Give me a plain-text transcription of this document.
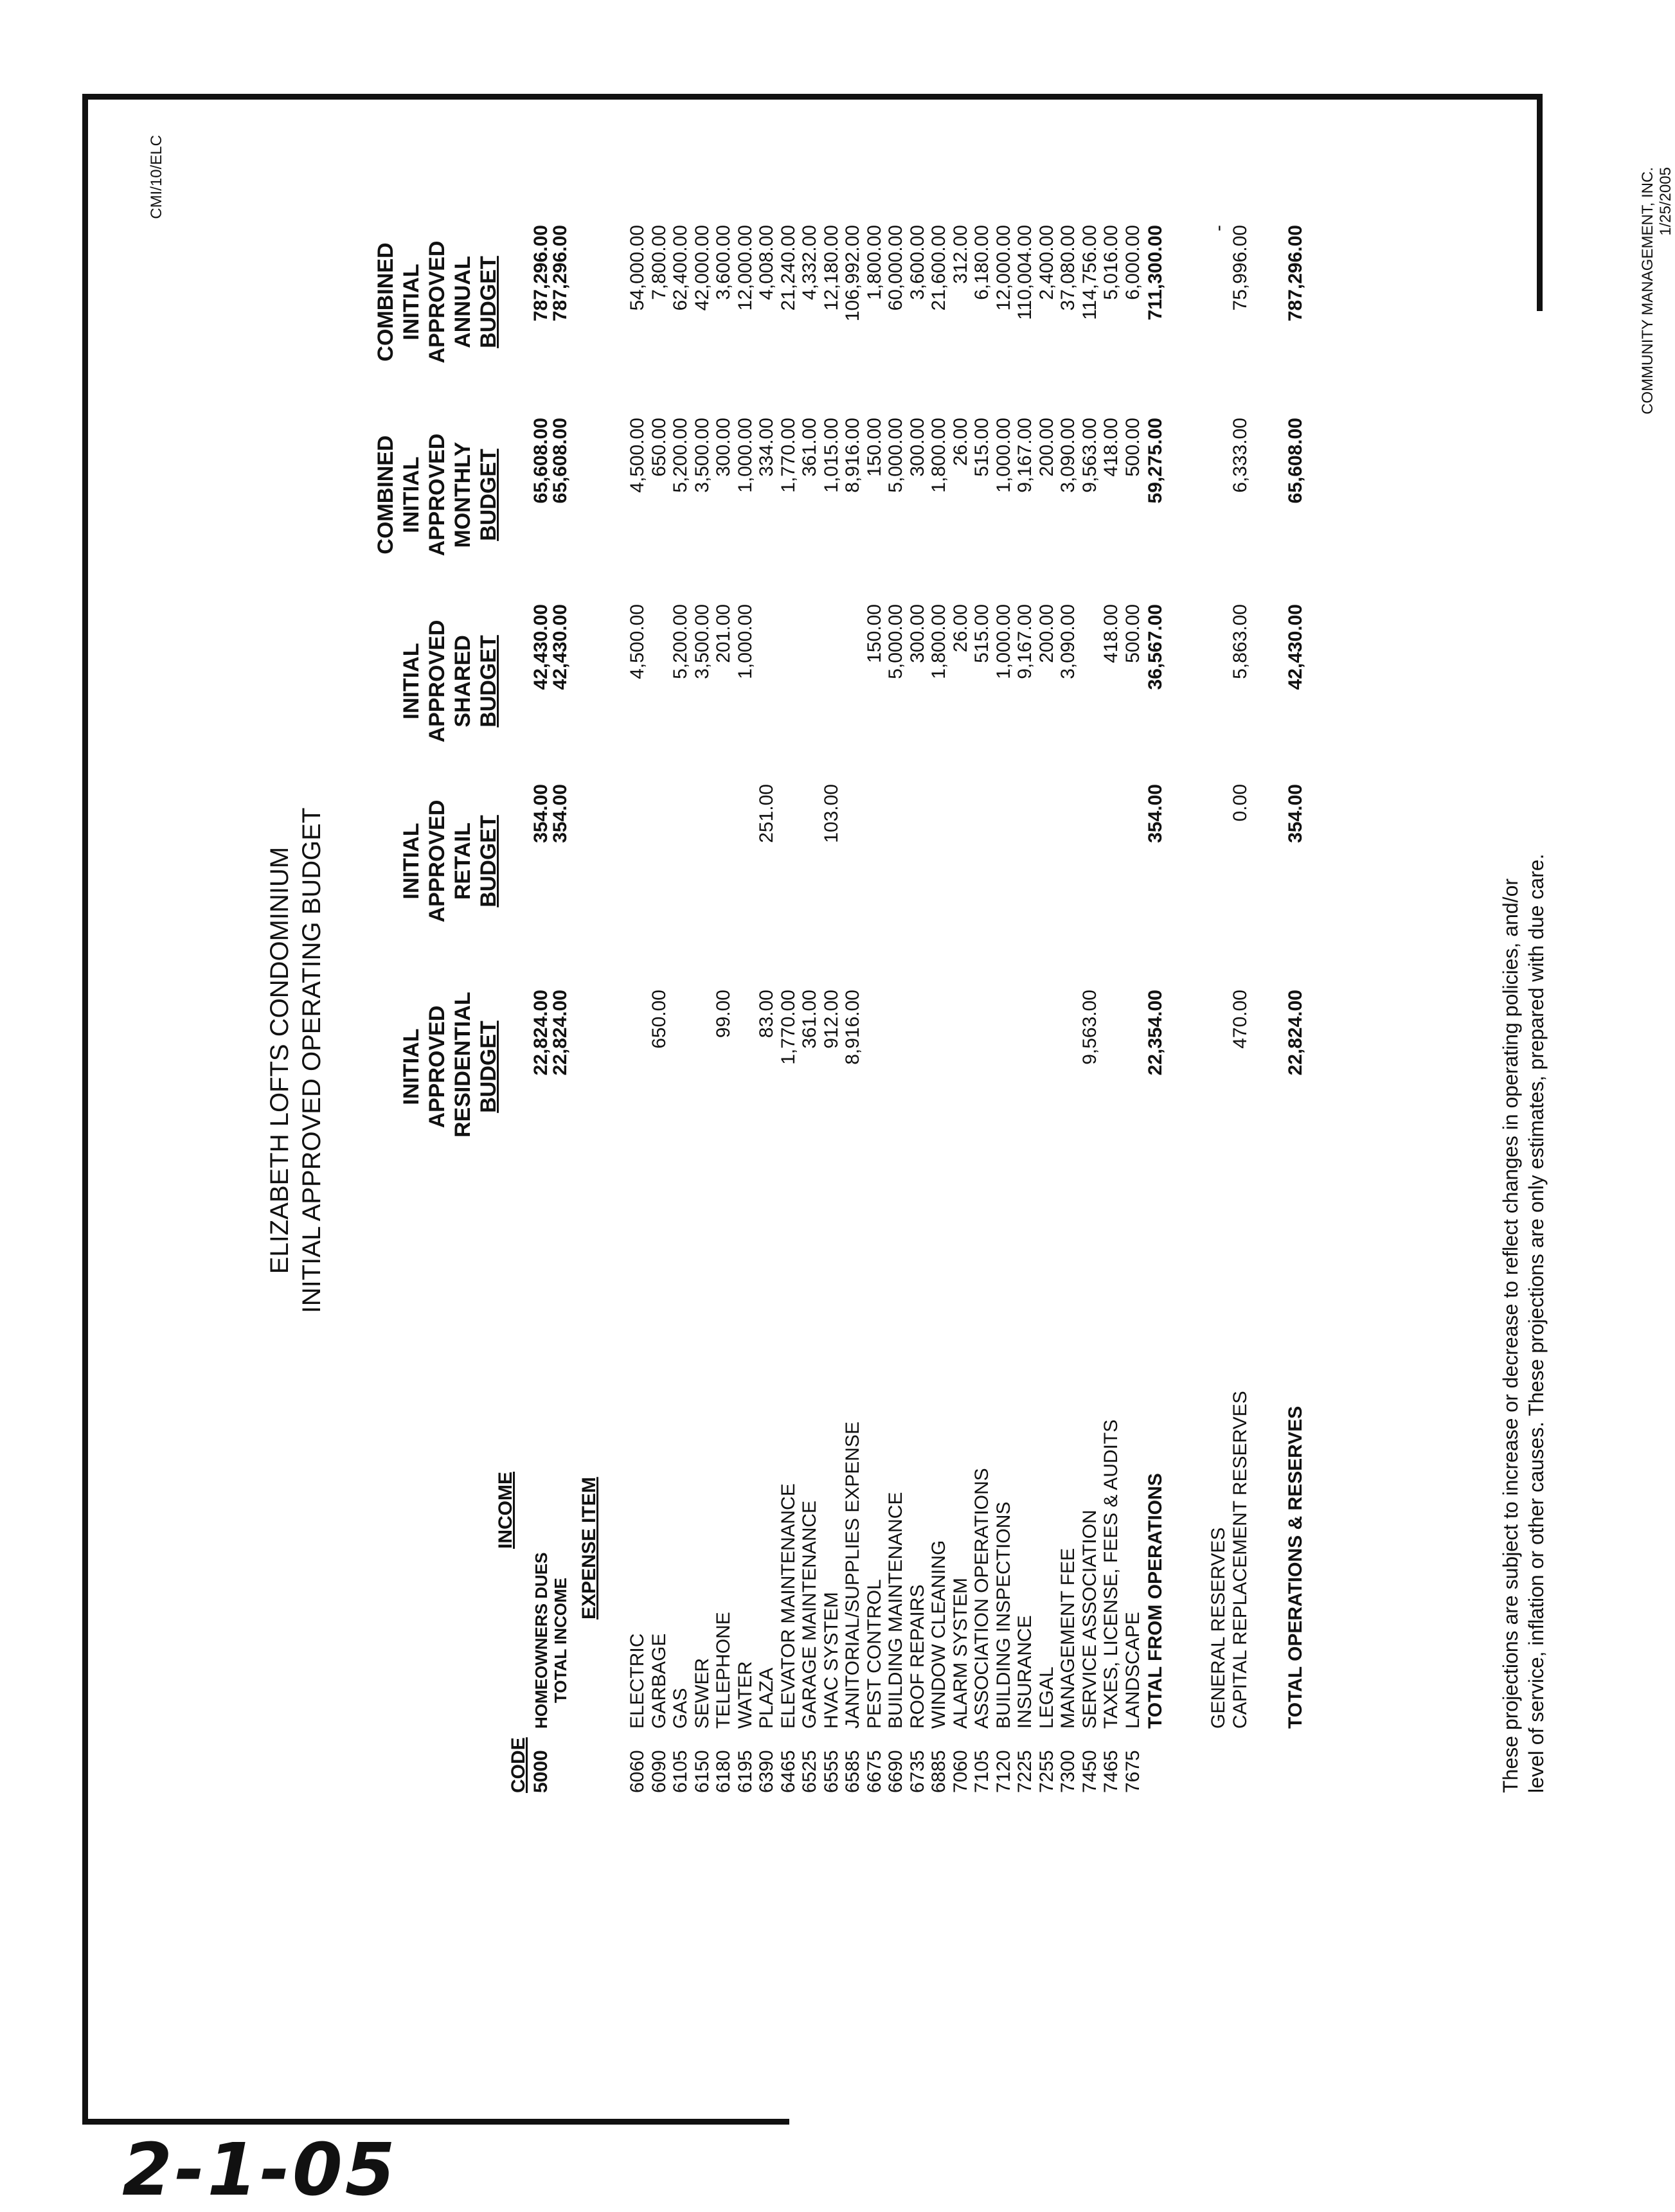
2-1-05
CMI/10/ELC
ELIZABETH LOFTS CONDOMINIUM INITIAL APPROVED OPERATING BUDGET	INITIAL APPROVED RESIDENTIAL BUDGET
INITIAL APPROVED RETAIL BUDGET
INITIAL APPROVED SHARED BUDGET
COMBINED INITIAL APPROVED MONTHLY BUDGET
COMBINED INITIAL APPROVED ANNUAL BUDGET
CODE
INCOME	EXPENSE ITEM
5000
HOMEOWNERS DUES
22,824.00
354.00
42,430.00
65,608.00
787,296.00
TOTAL INCOME
22,824.00
354.00
42,430.00
65,608.00
787,296.00
6060
ELECTRIC
4,500.00
4,500.00
54,000.00
6090
GARBAGE
650.00
650.00
7,800.00
6105
GAS
5,200.00
5,200.00
62,400.00
6150
SEWER
3,500.00
3,500.00
42,000.00
6180
TELEPHONE
99.00
201.00
300.00
3,600.00
6195
WATER
1,000.00
1,000.00
12,000.00
6390
PLAZA
83.00
251.00
334.00
4,008.00
6465
ELEVATOR MAINTENANCE
1,770.00
1,770.00
21,240.00
6525
GARAGE MAINTENANCE
361.00
361.00
4,332.00
6555
HVAC SYSTEM
912.00
103.00
1,015.00
12,180.00
6585
JANITORIAL/SUPPLIES EXPENSE
8,916.00
8,916.00
106,992.00
6675
PEST CONTROL
150.00
150.00
1,800.00
6690
BUILDING MAINTENANCE
5,000.00
5,000.00
60,000.00
6735
ROOF REPAIRS
300.00
300.00
3,600.00
6885
WINDOW CLEANING
1,800.00
1,800.00
21,600.00
7060
ALARM SYSTEM
26.00
26.00
312.00
7105
ASSOCIATION OPERATIONS
515.00
515.00
6,180.00
7120
BUILDING INSPECTIONS
1,000.00
1,000.00
12,000.00
7225
INSURANCE
9,167.00
9,167.00
110,004.00
7255
LEGAL
200.00
200.00
2,400.00
7300
MANAGEMENT FEE
3,090.00
3,090.00
37,080.00
7450
SERVICE ASSOCIATION
9,563.00
9,563.00
114,756.00
7465
TAXES, LICENSE, FEES & AUDITS
418.00
418.00
5,016.00
7675
LANDSCAPE
500.00
500.00
6,000.00
TOTAL FROM OPERATIONS
22,354.00
354.00
36,567.00
59,275.00
711,300.00
GENERAL RESERVES
-
CAPITAL REPLACEMENT RESERVES
470.00
0.00
5,863.00
6,333.00
75,996.00
TOTAL OPERATIONS & RESERVES
22,824.00
354.00
42,430.00
65,608.00
787,296.00
These projections are subject to increase or decrease to reflect changes in operating policies, and/or level of service, inflation or other causes. These projections are only estimates, prepared with due care.
COMMUNITY MANAGEMENT, INC. 1/25/2005
